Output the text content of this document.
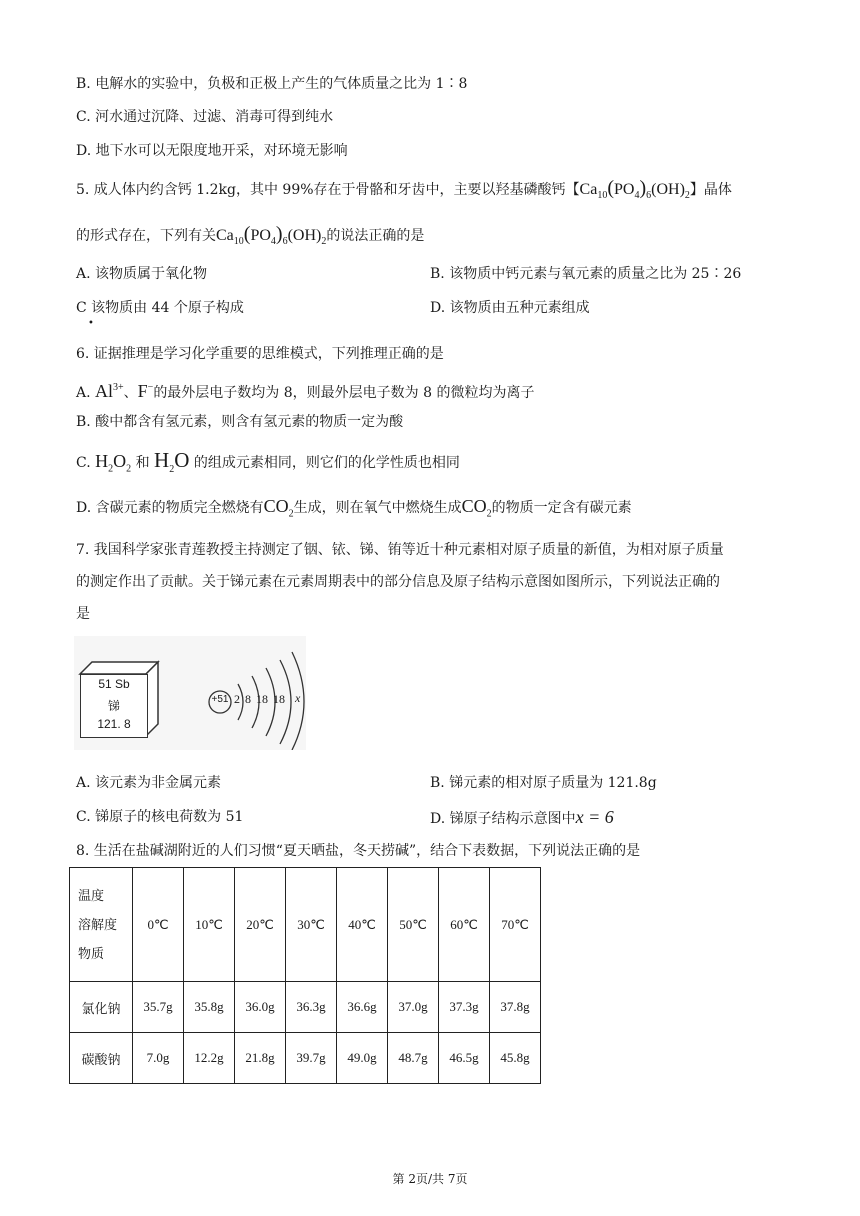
B. 电解水的实验中，负极和正极上产生的气体质量之比为 1∶8
C. 河水通过沉降、过滤、消毒可得到纯水
D. 地下水可以无限度地开采，对环境无影响
5. 成人体内约含钙 1.2kg，其中 99%存在于骨骼和牙齿中，主要以羟基磷酸钙【$Ca_{10}(PO_4)_6(OH)_2$】晶体
的形式存在，下列有关$Ca_{10}(PO_4)_6(OH)_2$的说法正确的是
A. 该物质属于氧化物	B. 该物质中钙元素与氧元素的质量之比为 25∶26
C 该物质由 44 个原子构成
•
D. 该物质由五种元素组成
6. 证据推理是学习化学重要的思维模式，下列推理正确的是
A. $Al^{3+}$、F−的最外层电子数均为 8，则最外层电子数为 8 的微粒均为离子
B. 酸中都含有氢元素，则含有氢元素的物质一定为酸
C. $H_2O_2$ 和 $H_2O$ 的组成元素相同，则它们的化学性质也相同
D. 含碳元素的物质完全燃烧有$CO_2$生成，则在氧气中燃烧生成$CO_2$的物质一定含有碳元素
7. 我国科学家张青莲教授主持测定了铟、铱、锑、铕等近十种元素相对原子质量的新值，为相对原子质量
的测定作出了贡献。关于锑元素在元素周期表中的部分信息及原子结构示意图如图所示，下列说法正确的
是
51 Sb
锑
121. 8
+51 2 8 18 18 x
A. 该元素为非金属元素	B. 锑元素的相对原子质量为 121.8g
C. 锑原子的核电荷数为 51	D. 锑原子结构示意图中x = 6
8. 生活在盐碱湖附近的人们习惯“夏天晒盐，冬天捞碱”，结合下表数据，下列说法正确的是
温度
溶解度
物质	0℃	10℃	20℃	30℃	40℃	50℃	60℃	70℃
氯化钠	35.7g	35.8g	36.0g	36.3g	36.6g	37.0g	37.3g	37.8g
碳酸钠	7.0g	12.2g	21.8g	39.7g	49.0g	48.7g	46.5g	45.8g
第 2页/共 7页
